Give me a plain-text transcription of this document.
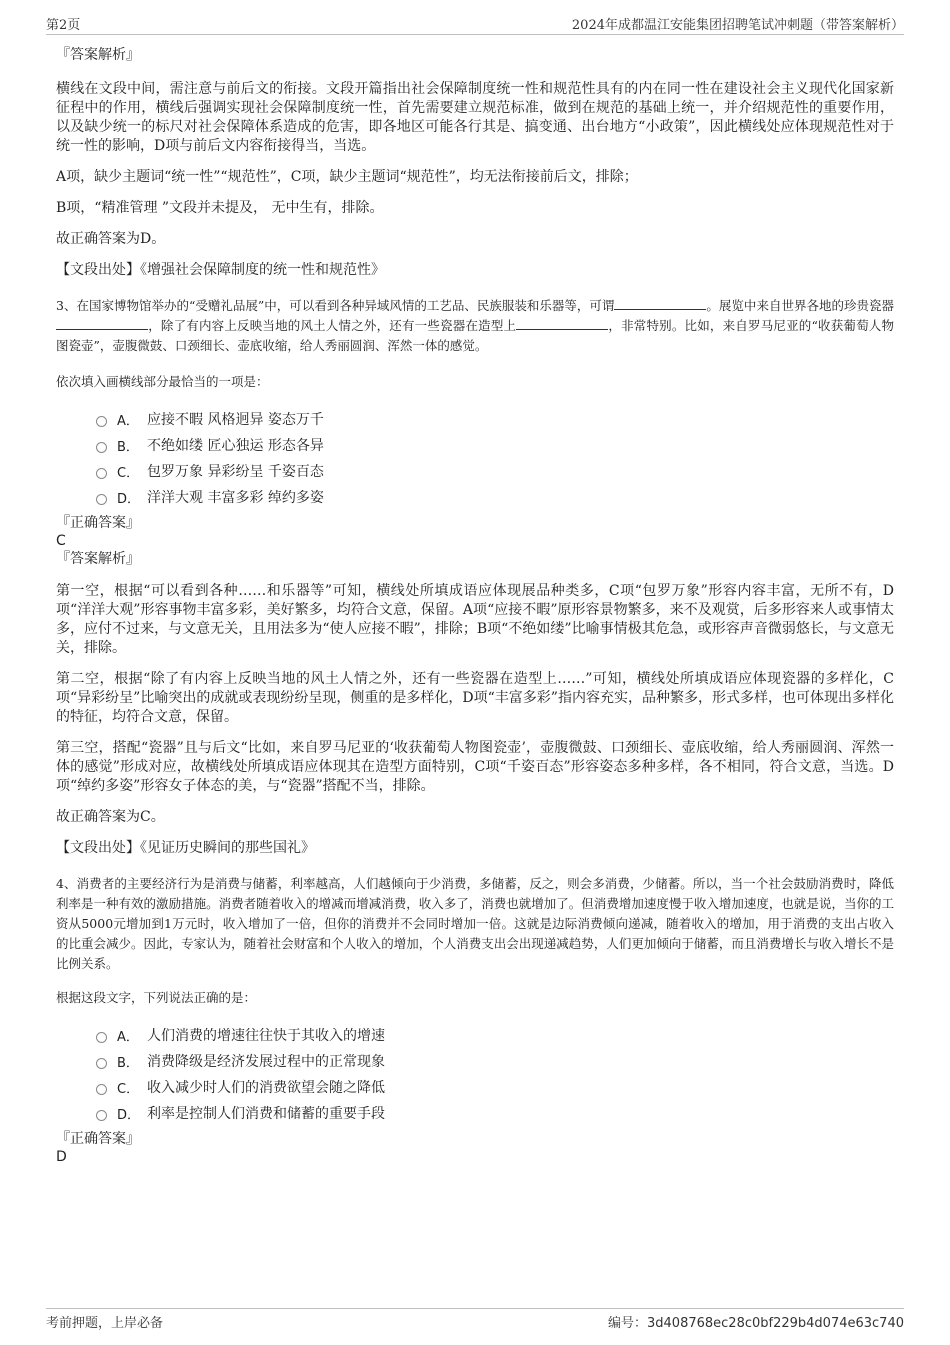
第2页	2024年成都温江安能集团招聘笔试冲刺题（带答案解析）

『答案解析』

横线在文段中间，需注意与前后文的衔接。文段开篇指出社会保障制度统一性和规范性具有的内在同一性在建设社会主义现代化国家新征程中的作用，横线后强调实现社会保障制度统一性，首先需要建立规范标准，做到在规范的基础上统一，并介绍规范性的重要作用，以及缺少统一的标尺对社会保障体系造成的危害，即各地区可能各行其是、搞变通、出台地方“小政策”，因此横线处应体现规范性对于统一性的影响，D项与前后文内容衔接得当，当选。

A项，缺少主题词“统一性”“规范性”，C项，缺少主题词“规范性”，均无法衔接前后文，排除；

B项，“精准管理 ”文段并未提及， 无中生有，排除。

故正确答案为D。

【文段出处】《增强社会保障制度的统一性和规范性》

3、在国家博物馆举办的“受赠礼品展”中，可以看到各种异域风情的工艺品、民族服装和乐器等，可谓	。展览中来自世界各地的珍贵瓷器，除了有内容上反映当地的风土人情之外，还有一些瓷器在造型上	，非常特别。比如，来自罗马尼亚的“收获葡萄人物图瓷壶”，壶腹微鼓、口颈细长、壶底收缩，给人秀丽圆润、浑然一体的感觉。

依次填入画横线部分最恰当的一项是：

A． 应接不暇 风格迥异 姿态万千
B． 不绝如缕 匠心独运 形态各异
C． 包罗万象 异彩纷呈 千姿百态
D． 洋洋大观 丰富多彩 绰约多姿

『正确答案』

C

『答案解析』

第一空，根据“可以看到各种……和乐器等”可知，横线处所填成语应体现展品种类多，C项“包罗万象”形容内容丰富，无所不有，D项“洋洋大观”形容事物丰富多彩，美好繁多，均符合文意，保留。A项“应接不暇”原形容景物繁多，来不及观赏，后多形容来人或事情太多，应付不过来，与文意无关，且用法多为“使人应接不暇”，排除；B项“不绝如缕”比喻事情极其危急，或形容声音微弱悠长，与文意无关，排除。

第二空，根据“除了有内容上反映当地的风土人情之外，还有一些瓷器在造型上……”可知，横线处所填成语应体现瓷器的多样化，C项“异彩纷呈”比喻突出的成就或表现纷纷呈现，侧重的是多样化，D项“丰富多彩”指内容充实，品种繁多，形式多样，也可体现出多样化的特征，均符合文意，保留。

第三空，搭配“瓷器”且与后文“比如，来自罗马尼亚的‘收获葡萄人物图瓷壶’，壶腹微鼓、口颈细长、壶底收缩，给人秀丽圆润、浑然一体的感觉”形成对应，故横线处所填成语应体现其在造型方面特别，C项“千姿百态”形容姿态多种多样，各不相同，符合文意，当选。D项“绰约多姿”形容女子体态的美，与“瓷器”搭配不当，排除。

故正确答案为C。

【文段出处】《见证历史瞬间的那些国礼》

4、消费者的主要经济行为是消费与储蓄，利率越高，人们越倾向于少消费，多储蓄，反之，则会多消费，少储蓄。所以，当一个社会鼓励消费时，降低利率是一种有效的激励措施。消费者随着收入的增减而增减消费，收入多了，消费也就增加了。但消费增加速度慢于收入增加速度，也就是说，当你的工资从5000元增加到1万元时，收入增加了一倍，但你的消费并不会同时增加一倍。这就是边际消费倾向递减，随着收入的增加，用于消费的支出占收入的比重会减少。因此，专家认为，随着社会财富和个人收入的增加，个人消费支出会出现递减趋势，人们更加倾向于储蓄，而且消费增长与收入增长不是比例关系。

根据这段文字，下列说法正确的是：

A． 人们消费的增速往往快于其收入的增速
B． 消费降级是经济发展过程中的正常现象
C． 收入减少时人们的消费欲望会随之降低
D． 利率是控制人们消费和储蓄的重要手段

『正确答案』

D

考前押题，上岸必备	编号：3d408768ec28c0bf229b4d074e63c740
